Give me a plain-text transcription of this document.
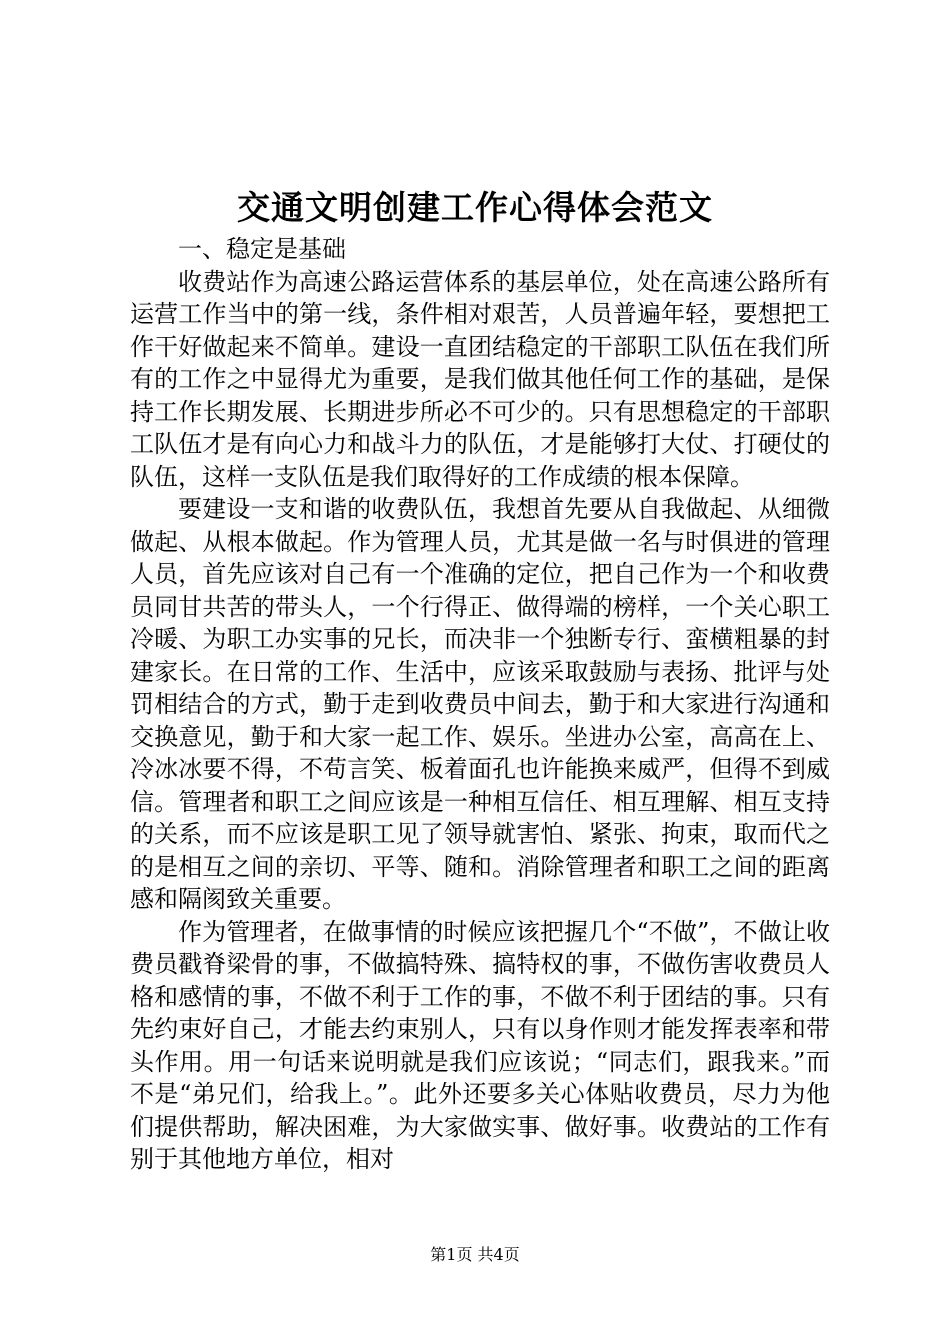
交通文明创建工作心得体会范文

一、稳定是基础

收费站作为高速公路运营体系的基层单位，处在高速公路所有运营工作当中的第一线，条件相对艰苦，人员普遍年轻，要想把工作干好做起来不简单。建设一直团结稳定的干部职工队伍在我们所有的工作之中显得尤为重要，是我们做其他任何工作的基础，是保持工作长期发展、长期进步所必不可少的。只有思想稳定的干部职工队伍才是有向心力和战斗力的队伍，才是能够打大仗、打硬仗的队伍，这样一支队伍是我们取得好的工作成绩的根本保障。

要建设一支和谐的收费队伍，我想首先要从自我做起、从细微做起、从根本做起。作为管理人员，尤其是做一名与时俱进的管理人员，首先应该对自己有一个准确的定位，把自己作为一个和收费员同甘共苦的带头人，一个行得正、做得端的榜样，一个关心职工冷暖、为职工办实事的兄长，而决非一个独断专行、蛮横粗暴的封建家长。在日常的工作、生活中，应该采取鼓励与表扬、批评与处罚相结合的方式，勤于走到收费员中间去，勤于和大家进行沟通和交换意见，勤于和大家一起工作、娱乐。坐进办公室，高高在上、冷冰冰要不得，不苟言笑、板着面孔也许能换来威严，但得不到威信。管理者和职工之间应该是一种相互信任、相互理解、相互支持的关系，而不应该是职工见了领导就害怕、紧张、拘束，取而代之的是相互之间的亲切、平等、随和。消除管理者和职工之间的距离感和隔阂致关重要。

作为管理者，在做事情的时候应该把握几个“不做”，不做让收费员戳脊梁骨的事，不做搞特殊、搞特权的事，不做伤害收费员人格和感情的事，不做不利于工作的事，不做不利于团结的事。只有先约束好自己，才能去约束别人，只有以身作则才能发挥表率和带头作用。用一句话来说明就是我们应该说；“同志们，跟我来。”而不是“弟兄们，给我上。”。此外还要多关心体贴收费员，尽力为他们提供帮助，解决困难，为大家做实事、做好事。收费站的工作有别于其他地方单位，相对

第1页 共4页
